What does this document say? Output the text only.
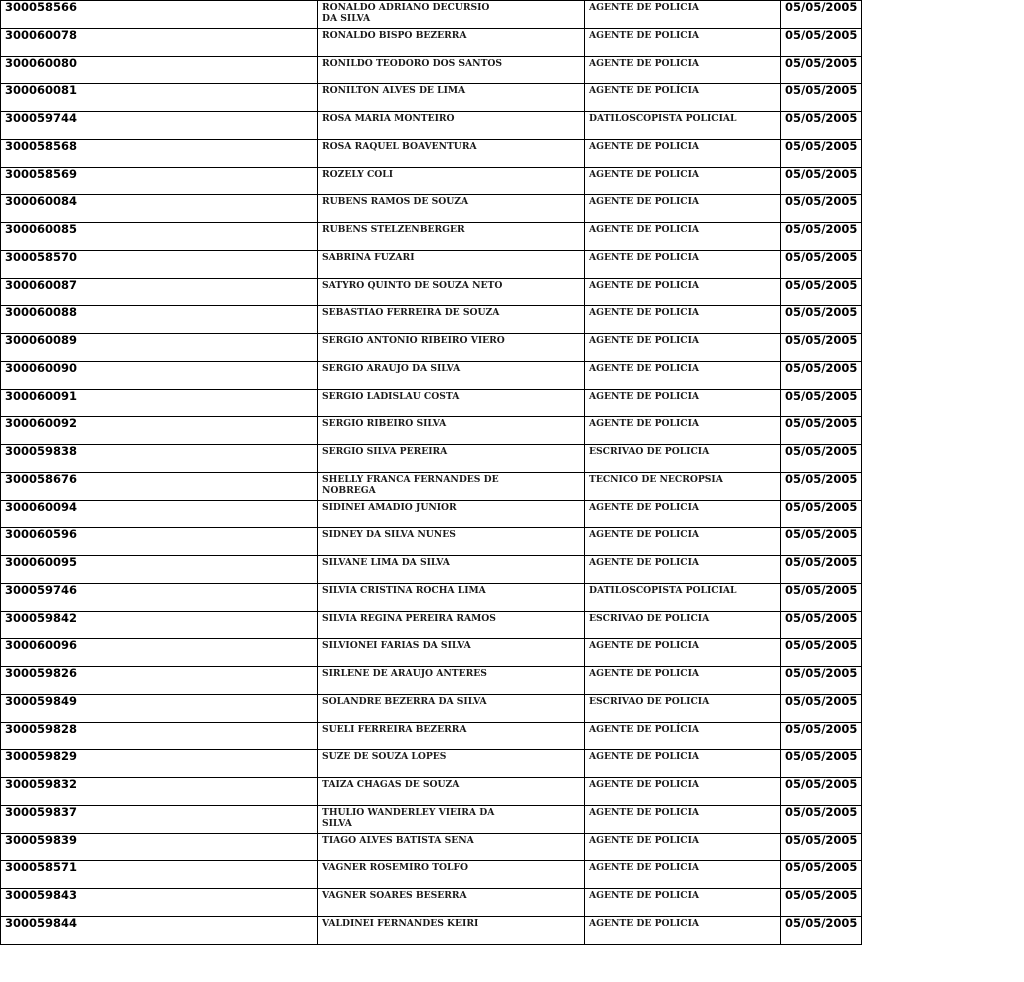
300058566	RONALDO ADRIANO DECURSIO DA SILVA	AGENTE DE POLICIA	05/05/2005
300060078	RONALDO BISPO BEZERRA	AGENTE DE POLICIA	05/05/2005
300060080	RONILDO TEODORO DOS SANTOS	AGENTE DE POLICIA	05/05/2005
300060081	RONILTON ALVES DE LIMA	AGENTE DE POLÍCIA	05/05/2005
300059744	ROSA MARIA MONTEIRO	DATILOSCOPISTA POLICIAL	05/05/2005
300058568	ROSA RAQUEL BOAVENTURA	AGENTE DE POLICIA	05/05/2005
300058569	ROZELY COLI	AGENTE DE POLICIA	05/05/2005
300060084	RUBENS RAMOS DE SOUZA	AGENTE DE POLICIA	05/05/2005
300060085	RUBENS STELZENBERGER	AGENTE DE POLICIA	05/05/2005
300058570	SABRINA FUZARI	AGENTE DE POLICIA	05/05/2005
300060087	SATYRO QUINTO DE SOUZA NETO	AGENTE DE POLICIA	05/05/2005
300060088	SEBASTIAO FERREIRA DE SOUZA	AGENTE DE POLICIA	05/05/2005
300060089	SERGIO ANTONIO RIBEIRO VIERO	AGENTE DE POLICIA	05/05/2005
300060090	SERGIO ARAUJO DA SILVA	AGENTE DE POLICIA	05/05/2005
300060091	SERGIO LADISLAU COSTA	AGENTE DE POLICIA	05/05/2005
300060092	SERGIO RIBEIRO SILVA	AGENTE DE POLICIA	05/05/2005
300059838	SERGIO SILVA PEREIRA	ESCRIVAO DE POLICIA	05/05/2005
300058676	SHELLY FRANCA FERNANDES DE NOBREGA	TECNICO DE NECROPSIA	05/05/2005
300060094	SIDINEI AMADIO JUNIOR	AGENTE DE POLICIA	05/05/2005
300060596	SIDNEY DA SILVA NUNES	AGENTE DE POLICIA	05/05/2005
300060095	SILVANE LIMA DA SILVA	AGENTE DE POLICIA	05/05/2005
300059746	SILVIA CRISTINA ROCHA LIMA	DATILOSCOPISTA POLICIAL	05/05/2005
300059842	SILVIA REGINA PEREIRA RAMOS	ESCRIVAO DE POLICIA	05/05/2005
300060096	SILVIONEI FARIAS DA SILVA	AGENTE DE POLICIA	05/05/2005
300059826	SIRLENE DE ARAUJO ANTERES	AGENTE DE POLICIA	05/05/2005
300059849	SOLANDRE BEZERRA DA SILVA	ESCRIVAO DE POLICIA	05/05/2005
300059828	SUELI FERREIRA BEZERRA	AGENTE DE POLÍCIA	05/05/2005
300059829	SUZE DE SOUZA LOPES	AGENTE DE POLICIA	05/05/2005
300059832	TAIZA CHAGAS DE SOUZA	AGENTE DE POLICIA	05/05/2005
300059837	THULIO WANDERLEY VIEIRA DA SILVA	AGENTE DE POLICIA	05/05/2005
300059839	TIAGO ALVES BATISTA SENA	AGENTE DE POLICIA	05/05/2005
300058571	VAGNER ROSEMIRO TOLFO	AGENTE DE POLICIA	05/05/2005
300059843	VAGNER SOARES BESERRA	AGENTE DE POLICIA	05/05/2005
300059844	VALDINEI FERNANDES KEIRI	AGENTE DE POLICIA	05/05/2005
